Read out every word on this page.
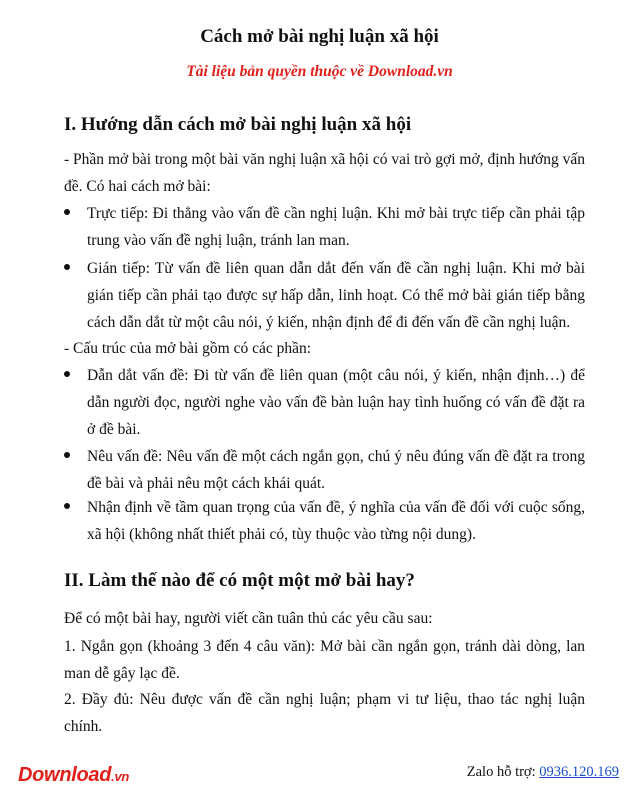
Cách mở bài nghị luận xã hội

Tài liệu bản quyền thuộc về Download.vn

I. Hướng dẫn cách mở bài nghị luận xã hội

- Phần mở bài trong một bài văn nghị luận xã hội có vai trò gợi mở, định hướng vấn đề. Có hai cách mở bài:

Trực tiếp: Đi thẳng vào vấn đề cần nghị luận. Khi mở bài trực tiếp cần phải tập trung vào vấn đề nghị luận, tránh lan man.

Gián tiếp: Từ vấn đề liên quan dẫn dắt đến vấn đề cần nghị luận. Khi mở bài gián tiếp cần phải tạo được sự hấp dẫn, linh hoạt. Có thể mở bài gián tiếp bằng cách dẫn dắt từ một câu nói, ý kiến, nhận định để đi đến vấn đề cần nghị luận.

- Cấu trúc của mở bài gồm có các phần:

Dẫn dắt vấn đề: Đi từ vấn đề liên quan (một câu nói, ý kiến, nhận định…) để dẫn người đọc, người nghe vào vấn đề bàn luận hay tình huống có vấn đề đặt ra ở đề bài.

Nêu vấn đề: Nêu vấn đề một cách ngắn gọn, chú ý nêu đúng vấn đề đặt ra trong đề bài và phải nêu một cách khái quát.

Nhận định về tầm quan trọng của vấn đề, ý nghĩa của vấn đề đối với cuộc sống, xã hội (không nhất thiết phải có, tùy thuộc vào từng nội dung).

II. Làm thế nào để có một một mở bài hay?

Để có một bài hay, người viết cần tuân thủ các yêu cầu sau:

1. Ngắn gọn (khoảng 3 đến 4 câu văn): Mở bài cần ngắn gọn, tránh dài dòng, lan man dễ gây lạc đề.

2. Đầy đủ: Nêu được vấn đề cần nghị luận; phạm vi tư liệu, thao tác nghị luận chính.

Download.vn	Zalo hỗ trợ: 0936.120.169
